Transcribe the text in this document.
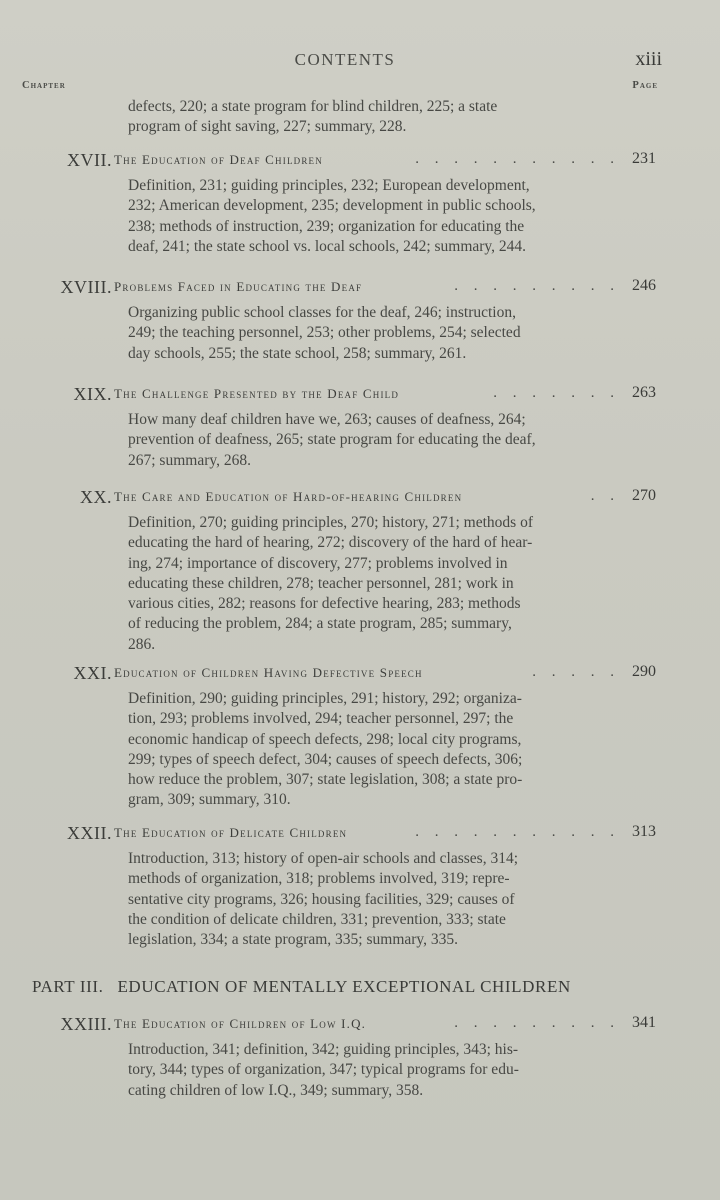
CONTENTS	xiii
Chapter	Page

defects, 220; a state program for blind children, 225; a state
program of sight saving, 227; summary, 228.

XVII. The Education of Deaf Children	. . . . . . . . . . . 231

Definition, 231; guiding principles, 232; European development,
232; American development, 235; development in public schools,
238; methods of instruction, 239; organization for educating the
deaf, 241; the state school vs. local schools, 242; summary, 244.

XVIII. Problems Faced in Educating the Deaf	. . . . . . . . . 246

Organizing public school classes for the deaf, 246; instruction,
249; the teaching personnel, 253; other problems, 254; selected
day schools, 255; the state school, 258; summary, 261.

XIX. The Challenge Presented by the Deaf Child	. . . . . . . 263

How many deaf children have we, 263; causes of deafness, 264;
prevention of deafness, 265; state program for educating the deaf,
267; summary, 268.

XX. The Care and Education of Hard-of-hearing Children	. . 270

Definition, 270; guiding principles, 270; history, 271; methods of
educating the hard of hearing, 272; discovery of the hard of hear-
ing, 274; importance of discovery, 277; problems involved in
educating these children, 278; teacher personnel, 281; work in
various cities, 282; reasons for defective hearing, 283; methods
of reducing the problem, 284; a state program, 285; summary,
286.

XXI. Education of Children Having Defective Speech	. . . . . 290

Definition, 290; guiding principles, 291; history, 292; organiza-
tion, 293; problems involved, 294; teacher personnel, 297; the
economic handicap of speech defects, 298; local city programs,
299; types of speech defect, 304; causes of speech defects, 306;
how reduce the problem, 307; state legislation, 308; a state pro-
gram, 309; summary, 310.

XXII. The Education of Delicate Children	. . . . . . . . . . . 313

Introduction, 313; history of open-air schools and classes, 314;
methods of organization, 318; problems involved, 319; repre-
sentative city programs, 326; housing facilities, 329; causes of
the condition of delicate children, 331; prevention, 333; state
legislation, 334; a state program, 335; summary, 335.

PART III. EDUCATION OF MENTALLY EXCEPTIONAL CHILDREN
XXIII. The Education of Children of Low I.Q.	. . . . . . . . . 341

Introduction, 341; definition, 342; guiding principles, 343; his-
tory, 344; types of organization, 347; typical programs for edu-
cating children of low I.Q., 349; summary, 358.
